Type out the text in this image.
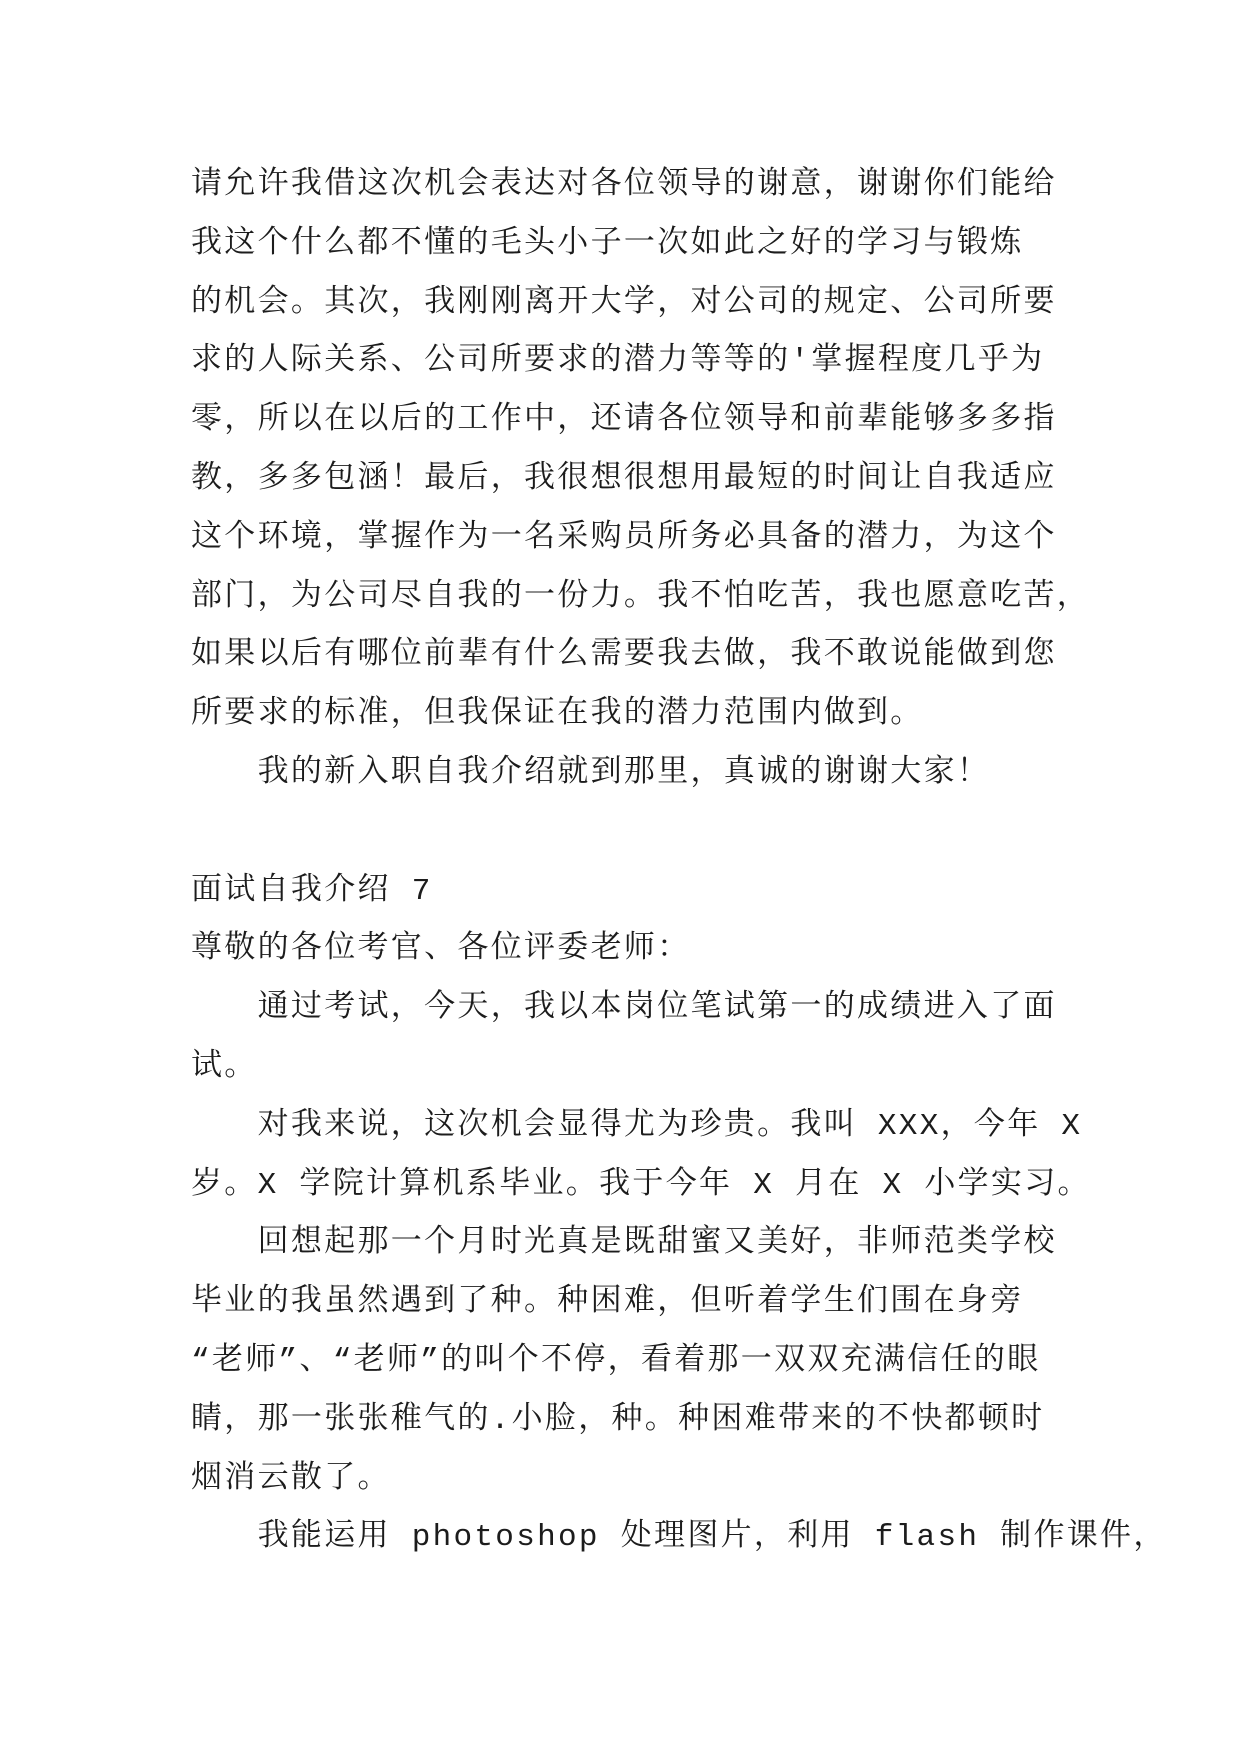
请允许我借这次机会表达对各位领导的谢意，谢谢你们能给
我这个什么都不懂的毛头小子一次如此之好的学习与锻炼
的机会。其次，我刚刚离开大学，对公司的规定、公司所要
求的人际关系、公司所要求的潜力等等的'掌握程度几乎为
零，所以在以后的工作中，还请各位领导和前辈能够多多指
教，多多包涵！最后，我很想很想用最短的时间让自我适应
这个环境，掌握作为一名采购员所务必具备的潜力，为这个
部门，为公司尽自我的一份力。我不怕吃苦，我也愿意吃苦，
如果以后有哪位前辈有什么需要我去做，我不敢说能做到您
所要求的标准，但我保证在我的潜力范围内做到。
我的新入职自我介绍就到那里，真诚的谢谢大家！
面试自我介绍 7
尊敬的各位考官、各位评委老师：
通过考试，今天，我以本岗位笔试第一的成绩进入了面
试。
对我来说，这次机会显得尤为珍贵。我叫 XXX，今年 X
岁。X 学院计算机系毕业。我于今年 X 月在 X 小学实习。
回想起那一个月时光真是既甜蜜又美好，非师范类学校
毕业的我虽然遇到了种。种困难，但听着学生们围在身旁
“老师”、“老师”的叫个不停，看着那一双双充满信任的眼
睛，那一张张稚气的.小脸，种。种困难带来的不快都顿时
烟消云散了。
我能运用 photoshop 处理图片，利用 flash 制作课件，
